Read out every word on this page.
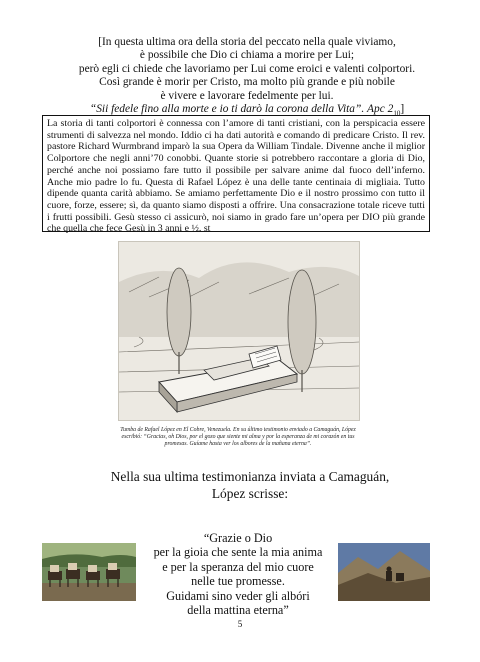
[In questa ultima ora della storia del peccato nella quale viviamo,
è possibile che Dio ci chiama a morire per Lui;
però egli ci chiede che lavoriamo per Lui come eroici e valenti colportori.
Così grande è morir per Cristo, ma molto più grande e più nobile
è vivere e lavorare fedelmente per lui.
“Sii fedele fino alla morte e io ti darò la corona della Vita”. Apc $2_{10}$]
La storia di tanti colportori è connessa con l’amore di tanti cristiani, con la perspicacia essere strumenti di salvezza nel mondo. Iddio ci ha dati autorità e comando di predicare Cristo. Il rev. pastore Richard Wurmbrand imparò la sua Opera da William Tindale. Divenne anche il miglior Colportore che negli anni’70 conobbi. Quante storie si potrebbero raccontare a gloria di Dio, perché anche noi possiamo fare tutto il possibile per salvare anime dal fuoco dell’inferno. Anche mio padre lo fu. Questa di Rafael López è una delle tante centinaia di migliaia. Tutto dipende quanta carità abbiamo. Se amiamo perfettamente Dio e il nostro prossimo con tutto il cuore, forze, essere; sì, da quanto siamo disposti a offrire. Una consacrazione totale riceve tutti i frutti possibili. Gesù stesso ci assicurò, noi siamo in grado fare un’opera per DIO più grande che quella che fece Gesù in 3 anni e ½. st
Tumba de Rafael López en El Cobre, Venezuela. En su último testimonio enviado a Camaguán, López escribió: “Gracias, oh Dios, por el gozo que siente mi alma y por la esperanza de mi corazón en tus promesas. Guíame hasta ver los albores de la mañana eterna”.
Nella sua ultima testimonianza inviata a Camaguán,
López scrisse:
“Grazie o Dio
per la gioia che sente la mia anima
e per la speranza del mio cuore
nelle tue promesse.
Guidami sino veder gli albóri
della mattina eterna”
5
